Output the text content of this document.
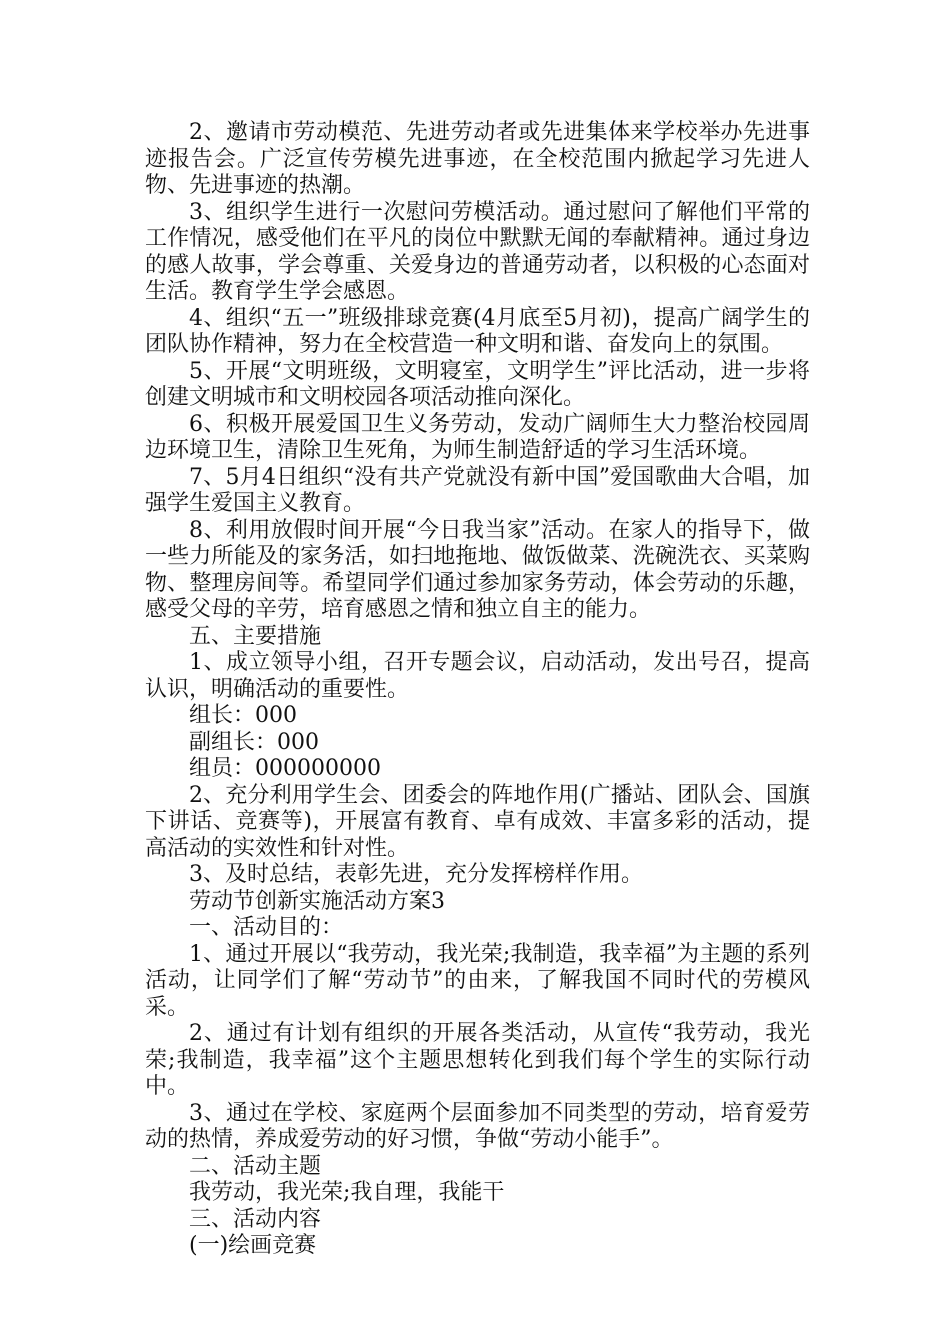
2、邀请市劳动模范、先进劳动者或先进集体来学校举办先进事迹报告会。广泛宣传劳模先进事迹，在全校范围内掀起学习先进人物、先进事迹的热潮。

3、组织学生进行一次慰问劳模活动。通过慰问了解他们平常的工作情况，感受他们在平凡的岗位中默默无闻的奉献精神。通过身边的感人故事，学会尊重、关爱身边的普通劳动者，以积极的心态面对生活。教育学生学会感恩。

4、组织“五一”班级排球竞赛(4月底至5月初)，提高广阔学生的团队协作精神，努力在全校营造一种文明和谐、奋发向上的氛围。

5、开展“文明班级，文明寝室，文明学生”评比活动，进一步将创建文明城市和文明校园各项活动推向深化。

6、积极开展爱国卫生义务劳动，发动广阔师生大力整治校园周边环境卫生，清除卫生死角，为师生制造舒适的学习生活环境。

7、5月4日组织“没有共产党就没有新中国”爱国歌曲大合唱，加强学生爱国主义教育。

8、利用放假时间开展“今日我当家”活动。在家人的指导下，做一些力所能及的家务活，如扫地拖地、做饭做菜、洗碗洗衣、买菜购物、整理房间等。希望同学们通过参加家务劳动，体会劳动的乐趣，感受父母的辛劳，培育感恩之情和独立自主的能力。

五、主要措施

1、成立领导小组，召开专题会议，启动活动，发出号召，提高认识，明确活动的重要性。

组长：000

副组长：000

组员：000000000

2、充分利用学生会、团委会的阵地作用(广播站、团队会、国旗下讲话、竞赛等)，开展富有教育、卓有成效、丰富多彩的活动，提高活动的实效性和针对性。

3、及时总结，表彰先进，充分发挥榜样作用。

劳动节创新实施活动方案3

一、活动目的：

1、通过开展以“我劳动，我光荣;我制造，我幸福”为主题的系列活动，让同学们了解“劳动节”的由来，了解我国不同时代的劳模风采。

2、通过有计划有组织的开展各类活动，从宣传“我劳动，我光荣;我制造，我幸福”这个主题思想转化到我们每个学生的实际行动中。

3、通过在学校、家庭两个层面参加不同类型的劳动，培育爱劳动的热情，养成爱劳动的好习惯，争做“劳动小能手”。

二、活动主题

我劳动，我光荣;我自理，我能干

三、活动内容

(一)绘画竞赛
